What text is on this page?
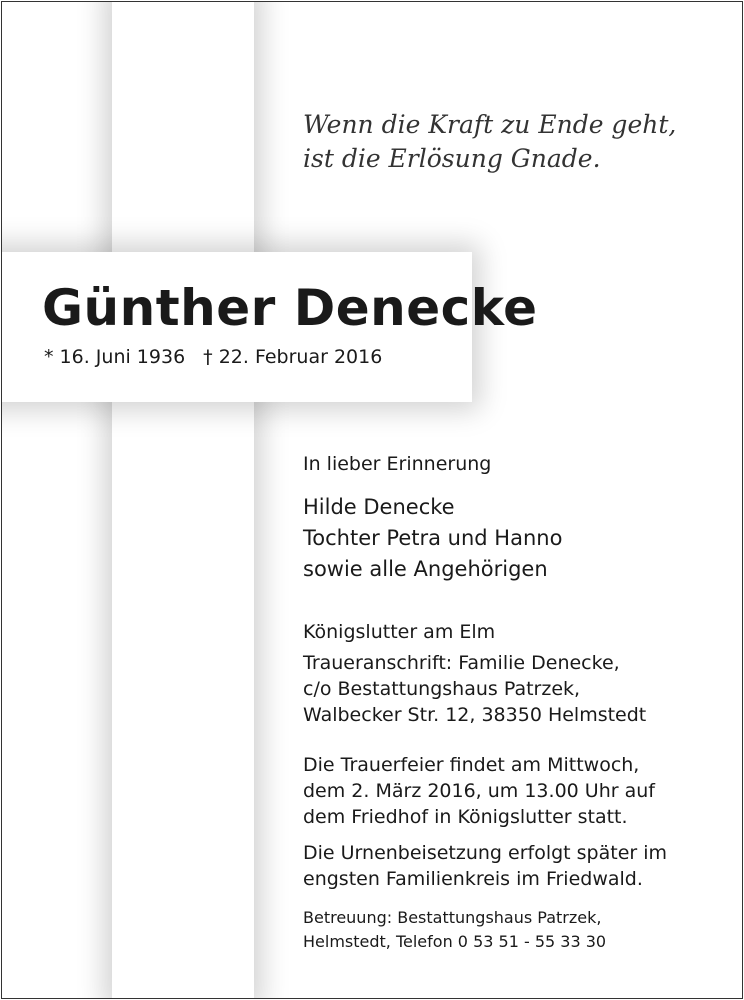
Wenn die Kraft zu Ende geht,
ist die Erlösung Gnade.
Günther Denecke
* 16. Juni 1936 † 22. Februar 2016
In lieber Erinnerung
Hilde Denecke
Tochter Petra und Hanno
sowie alle Angehörigen
Königslutter am Elm
Traueranschrift: Familie Denecke,
c/o Bestattungshaus Patrzek,
Walbecker Str. 12, 38350 Helmstedt
Die Trauerfeier findet am Mittwoch,
dem 2. März 2016, um 13.00 Uhr auf
dem Friedhof in Königslutter statt.
Die Urnenbeisetzung erfolgt später im
engsten Familienkreis im Friedwald.
Betreuung: Bestattungshaus Patrzek,
Helmstedt, Telefon 0 53 51 - 55 33 30
